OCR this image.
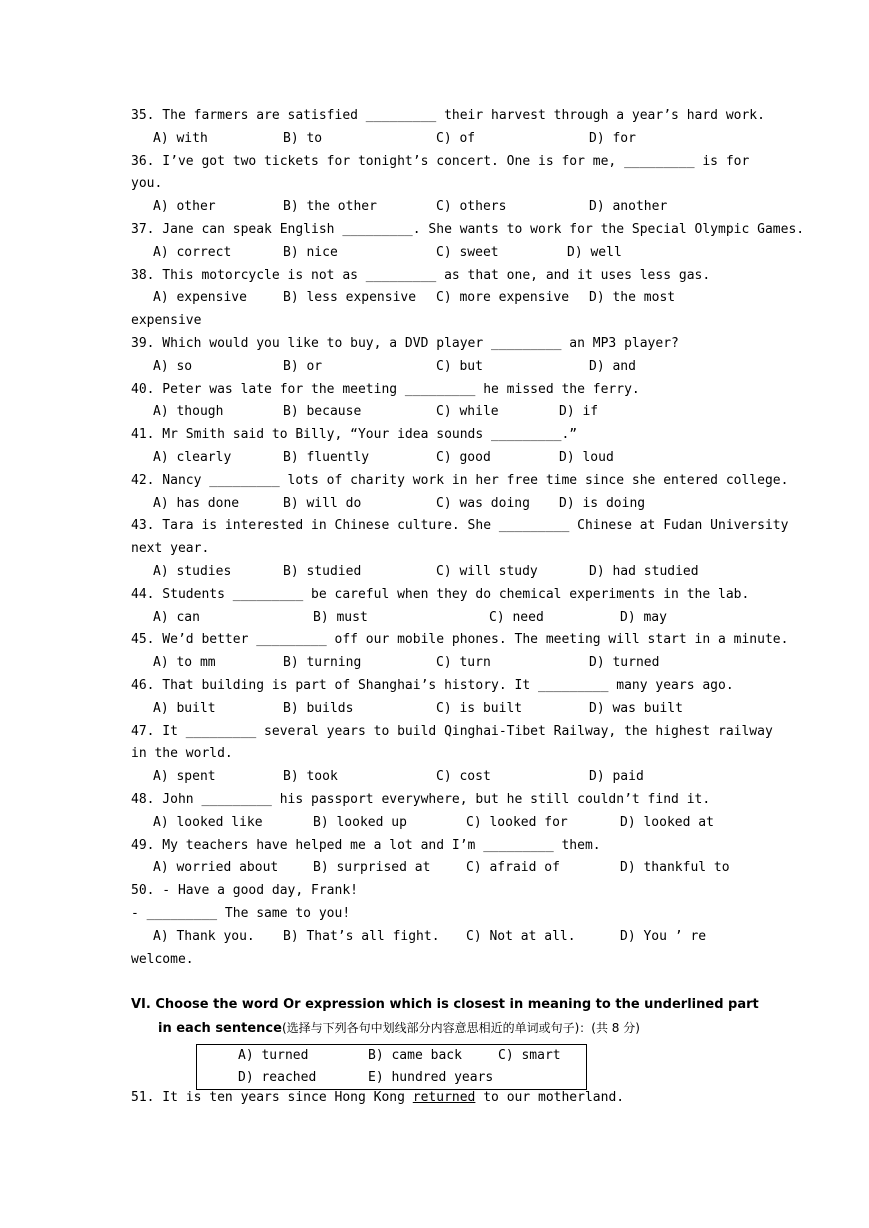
35. The farmers are satisfied _________ their harvest through a year’s hard work.
A) with	B) to	C) of	D) for
36. I’ve got two tickets for tonight’s concert. One is for me, _________ is for
you.
A) other	B) the other	C) others	D) another
37. Jane can speak English _________. She wants to work for the Special Olympic Games.
A) correct	B) nice	C) sweet	D) well
38. This motorcycle is not as _________ as that one, and it uses less gas.
A) expensive	B) less expensive C) more expensive D) the most
expensive
39. Which would you like to buy, a DVD player _________ an MP3 player?
A) so	B) or	C) but	D) and
40. Peter was late for the meeting _________ he missed the ferry.
A) though	B) because	C) while	D) if
41. Mr Smith said to Billy, “Your idea sounds _________.”
A) clearly	B) fluently	C) good	D) loud
42. Nancy _________ lots of charity work in her free time since she entered college.
A) has done	B) will do	C) was doing D) is doing
43. Tara is interested in Chinese culture. She _________ Chinese at Fudan University
next year.
A) studies	B) studied	C) will study	D) had studied
44. Students _________ be careful when they do chemical experiments in the lab.
A) can	B) must	C) need	D) may
45. We’d better _________ off our mobile phones. The meeting will start in a minute.
A) to mm	B) turning	C) turn	D) turned
46. That building is part of Shanghai’s history. It _________ many years ago.
A) built	B) builds	C) is built	D) was built
47. It _________ several years to build Qinghai-Tibet Railway, the highest railway
in the world.
A) spent	B) took	C) cost	D) paid
48. John _________ his passport everywhere, but he still couldn’t find it.
A) looked like	B) looked up	C) looked for	D) looked at
49. My teachers have helped me a lot and I’m _________ them.
A) worried about	B) surprised at	C) afraid of	D) thankful to
50. - Have a good day, Frank!
- _________ The same to you!
A) Thank you. B) That’s all fight. C) Not at all.	D) You ’ re
welcome.
VI. Choose the word Or expression which is closest in meaning to the underlined part
in each sentence(选择与下列各句中划线部分内容意思相近的单词或句子)：(共 8 分)
A) turned	B) came back	C) smart
D) reached	E) hundred years
51. It is ten years since Hong Kong returned to our motherland.
